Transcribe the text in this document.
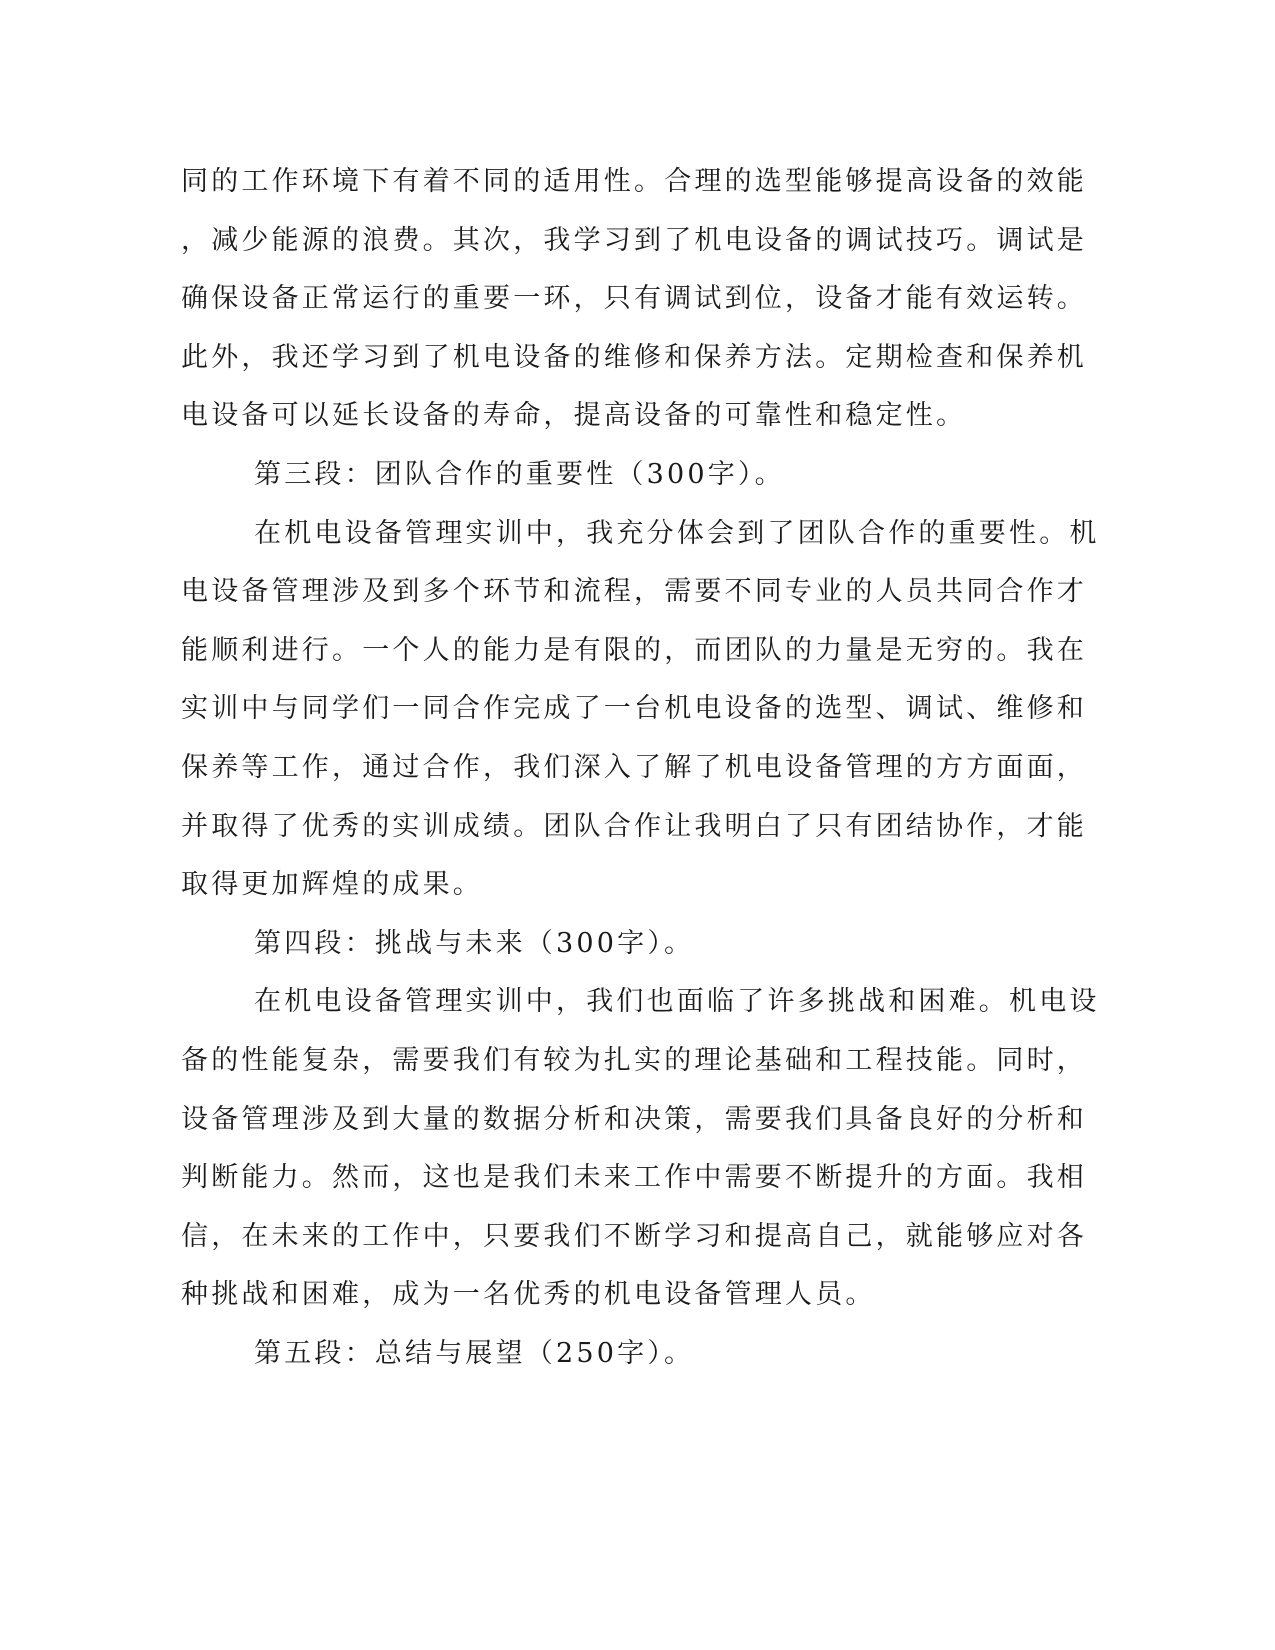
同的工作环境下有着不同的适用性。合理的选型能够提高设备的效能
，减少能源的浪费。其次，我学习到了机电设备的调试技巧。调试是
确保设备正常运行的重要一环，只有调试到位，设备才能有效运转。
此外，我还学习到了机电设备的维修和保养方法。定期检查和保养机
电设备可以延长设备的寿命，提高设备的可靠性和稳定性。
第三段：团队合作的重要性（300字）。
在机电设备管理实训中，我充分体会到了团队合作的重要性。机
电设备管理涉及到多个环节和流程，需要不同专业的人员共同合作才
能顺利进行。一个人的能力是有限的，而团队的力量是无穷的。我在
实训中与同学们一同合作完成了一台机电设备的选型、调试、维修和
保养等工作，通过合作，我们深入了解了机电设备管理的方方面面，
并取得了优秀的实训成绩。团队合作让我明白了只有团结协作，才能
取得更加辉煌的成果。
第四段：挑战与未来（300字）。
在机电设备管理实训中，我们也面临了许多挑战和困难。机电设
备的性能复杂，需要我们有较为扎实的理论基础和工程技能。同时，
设备管理涉及到大量的数据分析和决策，需要我们具备良好的分析和
判断能力。然而，这也是我们未来工作中需要不断提升的方面。我相
信，在未来的工作中，只要我们不断学习和提高自己，就能够应对各
种挑战和困难，成为一名优秀的机电设备管理人员。
第五段：总结与展望（250字）。
